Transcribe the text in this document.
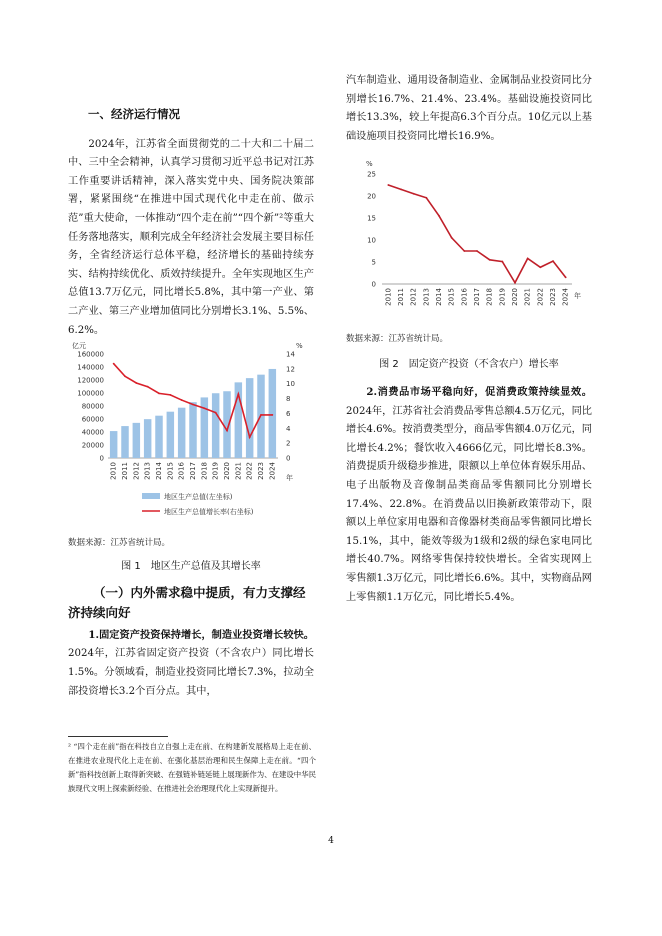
一、经济运行情况

2024年，江苏省全面贯彻党的二十大和二十届二中、三中全会精神，认真学习贯彻习近平总书记对江苏工作重要讲话精神，深入落实党中央、国务院决策部署，紧紧围绕“在推进中国式现代化中走在前、做示范”重大使命，一体推动“四个走在前”“四个新”²等重大任务落地落实，顺利完成全年经济社会发展主要目标任务，全省经济运行总体平稳，经济增长的基础持续夯实、结构持续优化、质效持续提升。全年实现地区生产总值13.7万亿元，同比增长5.8%，其中第一产业、第二产业、第三产业增加值同比分别增长3.1%、5.5%、6.2%。

亿元	%
0
20000
40000
60000
80000
100000
120000
140000
160000
0
2
4
6
8
10
12
14
2010 2011 2012 2013 2014 2015 2016 2017 2018 2019 2020 2021 2022 2023 2024 年
地区生产总值(左坐标)
地区生产总值增长率(右坐标)
数据来源：江苏省统计局。
图 1　地区生产总值及其增长率
（一）内外需求稳中提质，有力支撑经济持续向好

1.固定资产投资保持增长，制造业投资增长较快。2024年，江苏省固定资产投资（不含农户）同比增长1.5%。分领域看，制造业投资同比增长7.3%，拉动全部投资增长3.2个百分点。其中，

汽车制造业、通用设备制造业、金属制品业投资同比分别增长16.7%、21.4%、23.4%。基础设施投资同比增长13.3%，较上年提高6.3个百分点。10亿元以上基础设施项目投资同比增长16.9%。

%
0
5
10
15
20
25
2010 2011 2012 2013 2014 2015 2016 2017 2018 2019 2020 2021 2022 2023 2024 年
数据来源：江苏省统计局。
图 2　固定资产投资（不含农户）增长率

2.消费品市场平稳向好，促消费政策持续显效。2024年，江苏省社会消费品零售总额4.5万亿元，同比增长4.6%。按消费类型分，商品零售额4.0万亿元，同比增长4.2%；餐饮收入4666亿元，同比增长8.3%。消费提质升级稳步推进，限额以上单位体育娱乐用品、电子出版物及音像制品类商品零售额同比分别增长17.4%、22.8%。在消费品以旧换新政策带动下，限额以上单位家用电器和音像器材类商品零售额同比增长15.1%，其中，能效等级为1级和2级的绿色家电同比增长40.7%。网络零售保持较快增长。全省实现网上零售额1.3万亿元，同比增长6.6%。其中，实物商品网上零售额1.1万亿元，同比增长5.4%。

² “四个走在前”指在科技自立自强上走在前、在构建新发展格局上走在前、在推进农业现代化上走在前、在强化基层治理和民生保障上走在前。“四个新”指科技创新上取得新突破、在强链补链延链上展现新作为、在建设中华民族现代文明上探索新经验、在推进社会治理现代化上实现新提升。
4
